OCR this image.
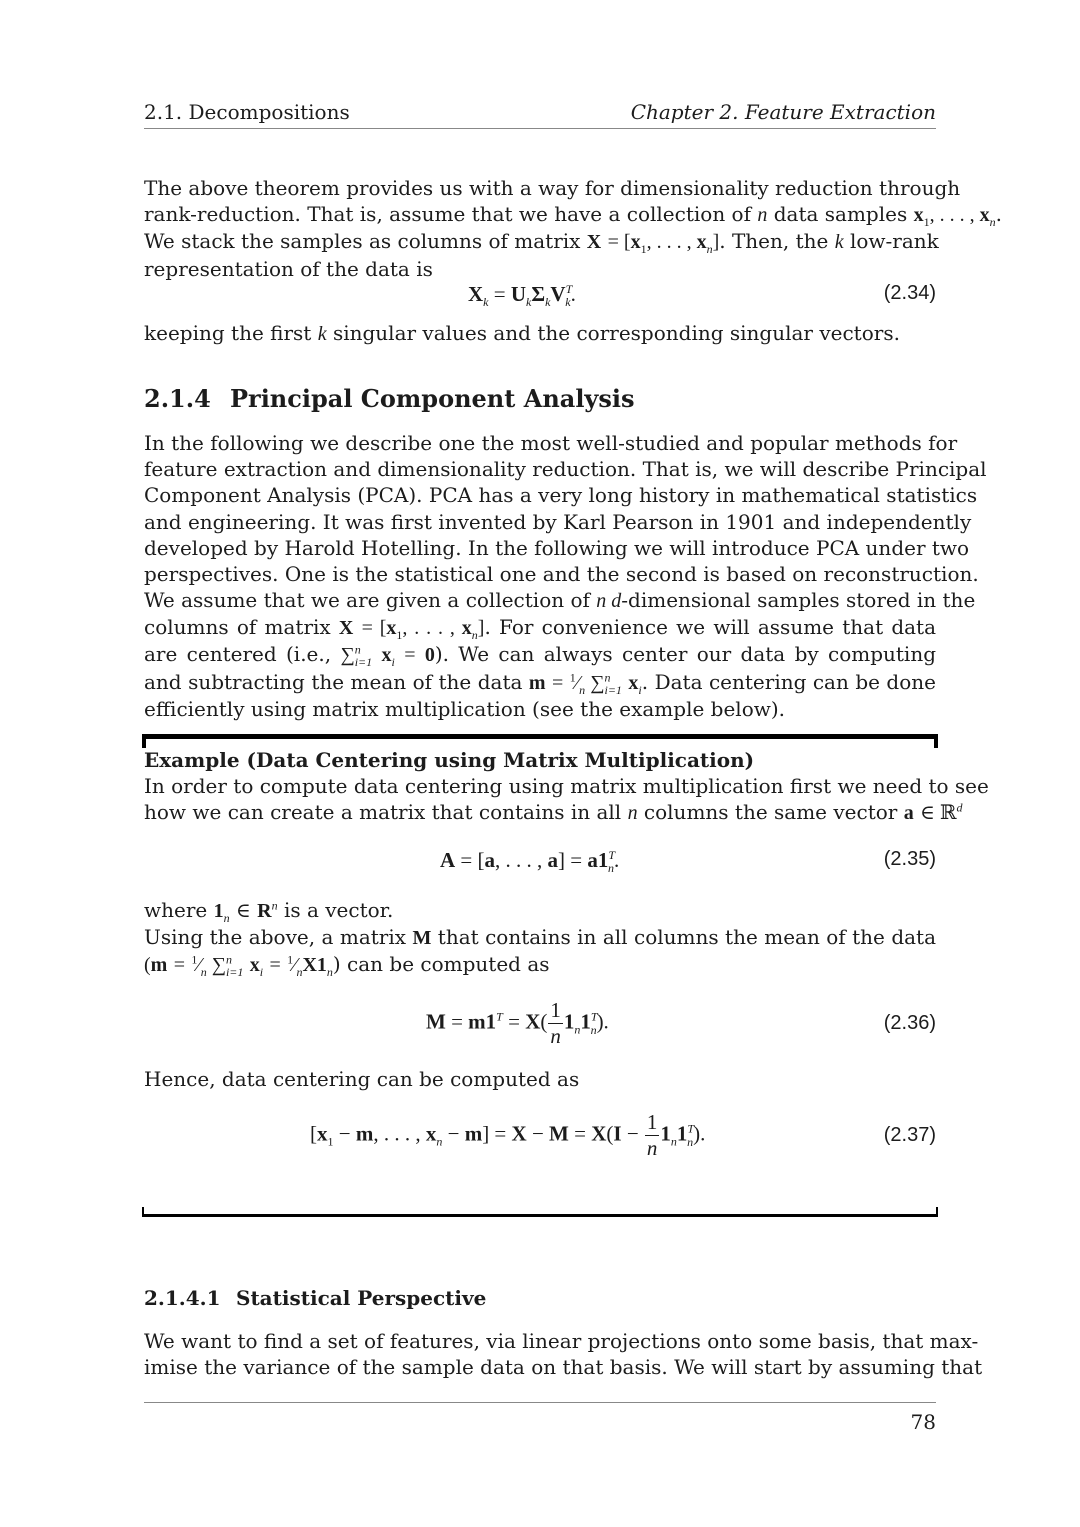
2.1. Decompositions	Chapter 2. Feature Extraction
The above theorem provides us with a way for dimensionality reduction through
rank-reduction. That is, assume that we have a collection of n data samples $x_1$, . . . , $x_n$.
We stack the samples as columns of matrix $X = [x_1$, . . . , $x_n$]. Then, the k low-rank
representation of the data is
$X_k = U_k\Sigma_kV^T_k$.	(2.34)
keeping the first k singular values and the corresponding singular vectors.
2.1.4 Principal Component Analysis
In the following we describe one the most well-studied and popular methods for
feature extraction and dimensionality reduction. That is, we will describe Principal
Component Analysis (PCA). PCA has a very long history in mathematical statistics
and engineering. It was first invented by Karl Pearson in 1901 and independently
developed by Harold Hotelling. In the following we will introduce PCA under two
perspectives. One is the statistical one and the second is based on reconstruction.
We assume that we are given a collection of n d-dimensional samples stored in the
columns of matrix $X = [x_1$, . . . , $x_n$]. For convenience we will assume that data
are centered (i.e., ∑$^n_{i=1}$ $x_i = 0$). We can always center our data by computing
and subtracting the mean of the data $m = ^1⁄_n$ ∑$^n_{i=1}$ $x_i$. Data centering can be done
efficiently using matrix multiplication (see the example below).
Example (Data Centering using Matrix Multiplication)
In order to compute data centering using matrix multiplication first we need to see
how we can create a matrix that contains in all n columns the same vector a ∈ ℝ$^d$
A = [a, . . . , $a] = a1^T_n$.	(2.35)
where $1_n$ ∈ $R^n$ is a vector.
Using the above, a matrix M that contains in all columns the mean of the data
($m = ^1⁄_n$ ∑$^n_{i=1}$ $x_i$ = $^1⁄_nX1_n$) can be computed as
$M = m1^T = X( \frac{1}{n} 1_n1^T_n)$.	(2.36)
Hence, data centering can be computed as
[$x_1 - m$, . . . , $x_n - m] = X - M = X(I - \frac{1}{n} 1_n1^T_n)$.	(2.37)
2.1.4.1 Statistical Perspective
We want to find a set of features, via linear projections onto some basis, that max-
imise the variance of the sample data on that basis. We will start by assuming that
78
